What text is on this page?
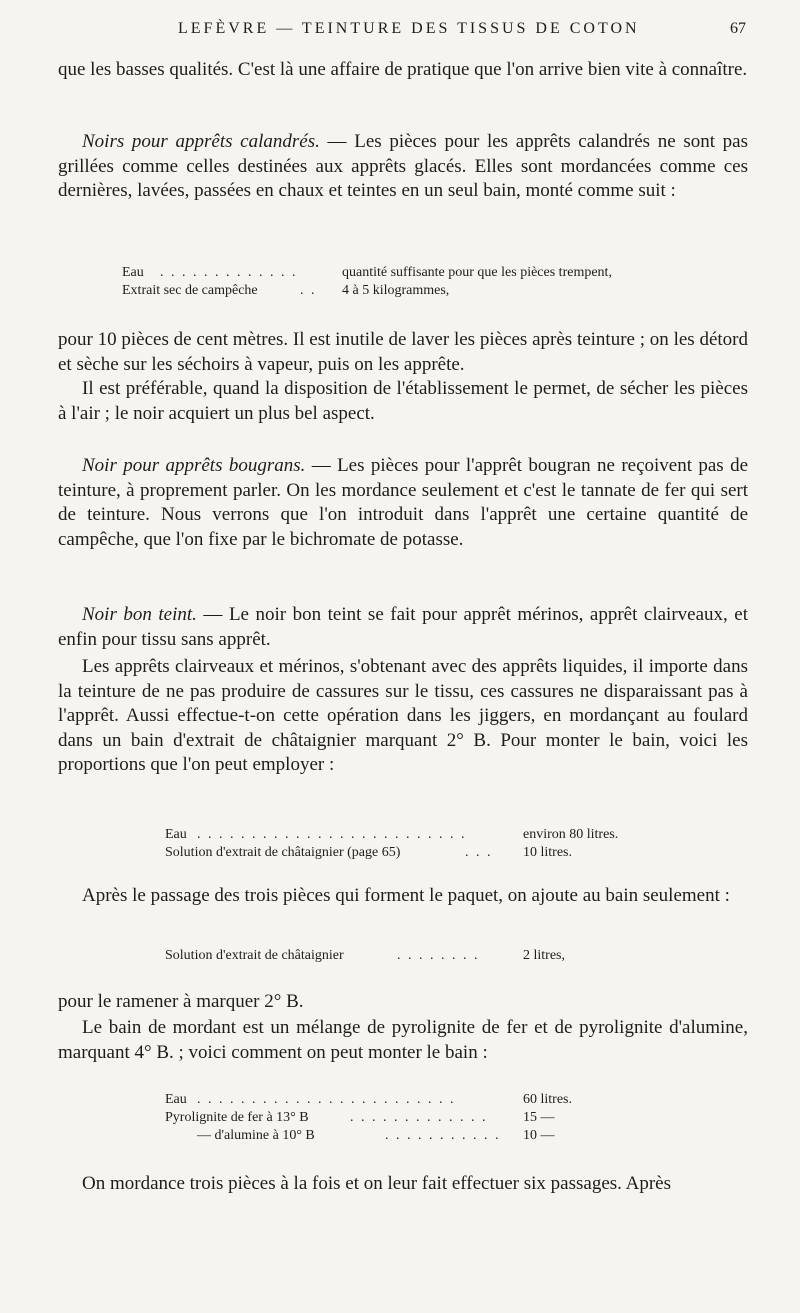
LEFÈVRE — TEINTURE DES TISSUS DE COTON	67

que les basses qualités. C'est là une affaire de pratique que l'on arrive bien vite à connaître.

Noirs pour apprêts calandrés. — Les pièces pour les apprêts calandrés ne sont pas grillées comme celles destinées aux apprêts glacés. Elles sont mordancées comme ces dernières, lavées, passées en chaux et teintes en un seul bain, monté comme suit :

Eau . . . . . . . . . . . . .	quantité suffisante pour que les pièces trempent,
Extrait sec de campêche	. . 4 à 5 kilogrammes,

pour 10 pièces de cent mètres. Il est inutile de laver les pièces après teinture ; on les détord et sèche sur les séchoirs à vapeur, puis on les apprête.

Il est préférable, quand la disposition de l'établissement le permet, de sécher les pièces à l'air ; le noir acquiert un plus bel aspect.

Noir pour apprêts bougrans. — Les pièces pour l'apprêt bougran ne reçoivent pas de teinture, à proprement parler. On les mordance seulement et c'est le tannate de fer qui sert de teinture. Nous verrons que l'on introduit dans l'apprêt une certaine quantité de campêche, que l'on fixe par le bichromate de potasse.

Noir bon teint. — Le noir bon teint se fait pour apprêt mérinos, apprêt clairveaux, et enfin pour tissu sans apprêt.

Les apprêts clairveaux et mérinos, s'obtenant avec des apprêts liquides, il importe dans la teinture de ne pas produire de cassures sur le tissu, ces cassures ne disparaissant pas à l'apprêt. Aussi effectue-t-on cette opération dans les jiggers, en mordançant au foulard dans un bain d'extrait de châtaignier marquant 2° B. Pour monter le bain, voici les proportions que l'on peut employer :

Eau . . . . . . . . . . . . . . . . . . . . . . . . .	environ 80 litres.
Solution d'extrait de châtaignier (page 65)	. . . 10 litres.

Après le passage des trois pièces qui forment le paquet, on ajoute au bain seulement :

Solution d'extrait de châtaignier	. . . . . . . .	2 litres,

pour le ramener à marquer 2° B.

Le bain de mordant est un mélange de pyrolignite de fer et de pyrolignite d'alumine, marquant 4° B. ; voici comment on peut monter le bain :

Eau . . . . . . . . . . . . . . . . . . . . . . . .	60 litres.
Pyrolignite de fer à 13° B	. . . . . . . . . . . . .	15 —
— d'alumine à 10° B	. . . . . . . . . . . 10 —

On mordance trois pièces à la fois et on leur fait effectuer six passages. Après
